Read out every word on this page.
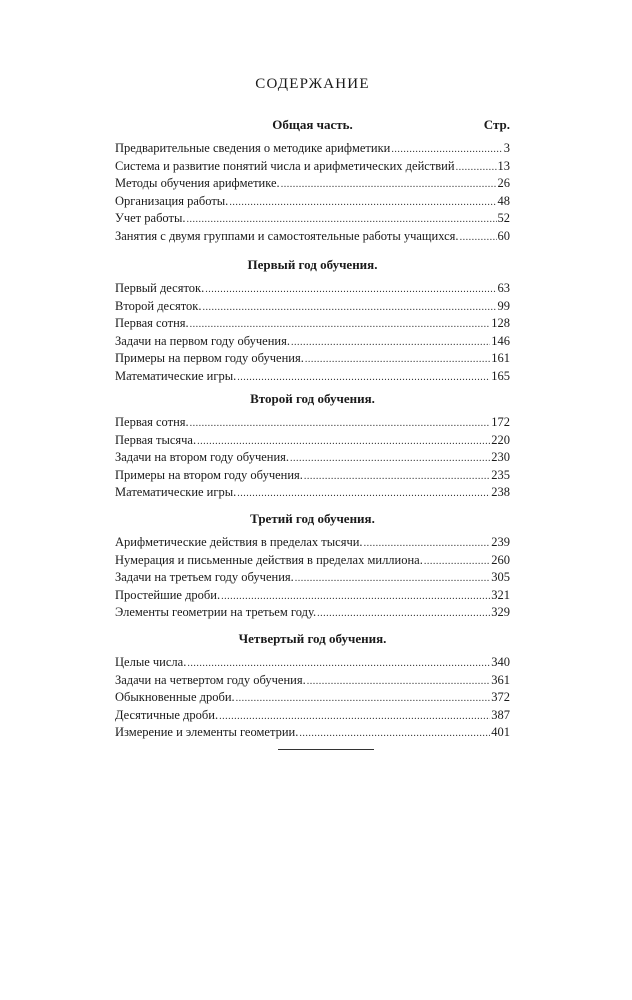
СОДЕРЖАНИЕ
Общая часть.	Стр.
Предварительные сведения о методике арифметики .....	3
Система и развитие понятий числа и арифметических действий .....	13
Методы обучения арифметике. .....	26
Организация работы. .....	48
Учет работы. .....	52
Занятия с двумя группами и самостоятельные работы учащихся. .....	60
Первый год обучения.
Первый десяток. .....	63
Второй десяток. .....	99
Первая сотня. .....	128
Задачи на первом году обучения. .....	146
Примеры на первом году обучения. .....	161
Математические игры. .....	165
Второй год обучения.
Первая сотня. .....	172
Первая тысяча. .....	220
Задачи на втором году обучения. .....	230
Примеры на втором году обучения. .....	235
Математические игры. .....	238
Третий год обучения.
Арифметические действия в пределах тысячи. .....	239
Нумерация и письменные действия в пределах миллиона. .....	260
Задачи на третьем году обучения. .....	305
Простейшие дроби. .....	321
Элементы геометрии на третьем году. .....	329
Четвертый год обучения.
Целые числа. .....	340
Задачи на четвертом году обучения. .....	361
Обыкновенные дроби. .....	372
Десятичные дроби. .....	387
Измерение и элементы геометрии. .....	401
